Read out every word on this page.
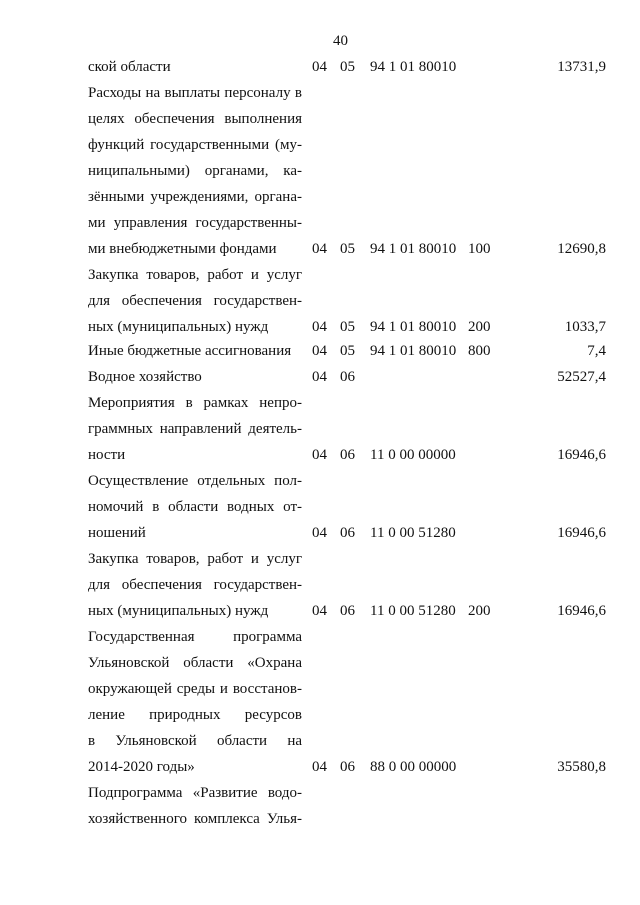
40
ской области	04 05 94 1 01 80010	13731,9
Расходы на выплаты персоналу в
целях обеспечения выполнения
функций государственными (му-
ниципальными) органами, ка-
зёнными учреждениями, органа-
ми управления государственны-
ми внебюджетными фондами	04 05 94 1 01 80010 100	12690,8
Закупка товаров, работ и услуг
для обеспечения государствен-
ных (муниципальных) нужд	04 05 94 1 01 80010 200	1033,7
Иные бюджетные ассигнования	04 05 94 1 01 80010 800	7,4
Водное хозяйство	04 06	52527,4
Мероприятия в рамках непро-
граммных направлений деятель-
ности	04 06 11 0 00 00000	16946,6
Осуществление отдельных пол-
номочий в области водных от-
ношений	04 06 11 0 00 51280	16946,6
Закупка товаров, работ и услуг
для обеспечения государствен-
ных (муниципальных) нужд	04 06 11 0 00 51280 200	16946,6
Государственная программа
Ульяновской области «Охрана
окружающей среды и восстанов-
ление природных ресурсов
в Ульяновской области на
2014-2020 годы»	04 06 88 0 00 00000	35580,8
Подпрограмма «Развитие водо-
хозяйственного комплекса Улья-
